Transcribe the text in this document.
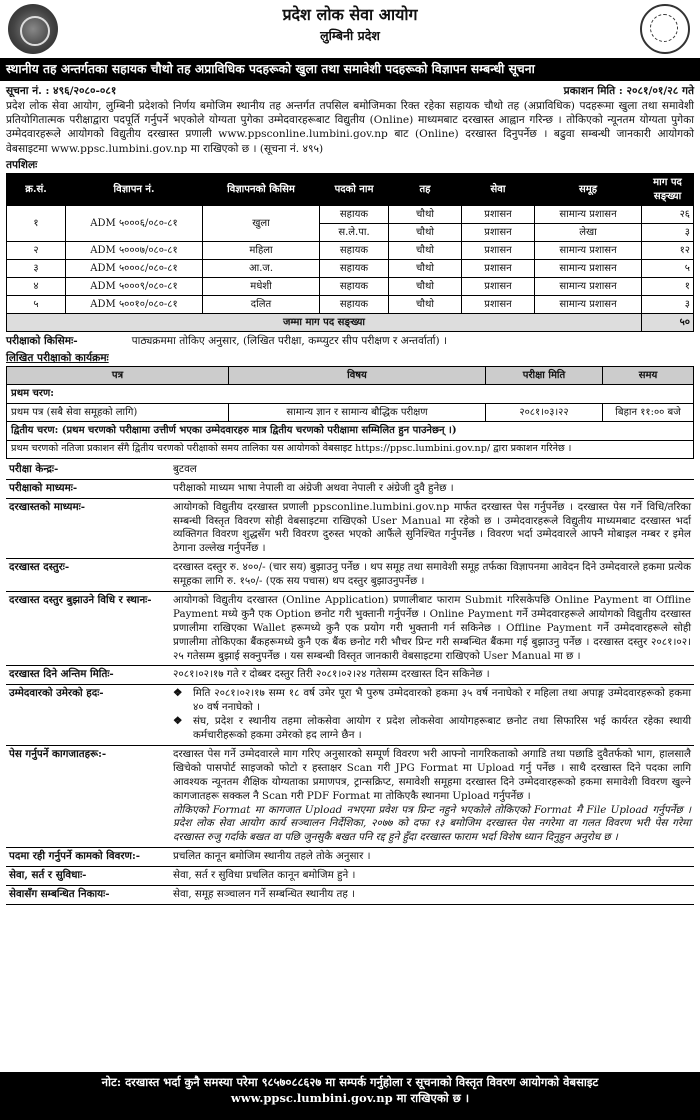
प्रदेश लोक सेवा आयोग
लुम्बिनी प्रदेश
स्थानीय तह अन्तर्गतका सहायक चौथो तह अप्राविधिक पदहरूको खुला तथा समावेशी पदहरूको विज्ञापन सम्बन्धी सूचना
सूचना नं. : ४९६/२०८०-०८१	प्रकाशन मिति : २०८१/०१/२८ गते
प्रदेश लोक सेवा आयोग, लुम्बिनी प्रदेशको निर्णय बमोजिम स्थानीय तह अन्तर्गत तपसिल बमोजिमका रिक्त रहेका सहायक चौथो तह (अप्राविधिक) पदहरूमा खुला तथा समावेशी प्रतियोगितात्मक परीक्षाद्वारा पदपूर्ति गर्नुपर्ने भएकोले योग्यता पुगेका उम्मेदवारहरूबाट विद्युतीय (Online) माध्यमबाट दरखास्त आह्वान गरिन्छ । तोकिएको न्यूनतम योग्यता पुगेका उम्मेदवारहरूले आयोगको विद्युतीय दरखास्त प्रणाली www.ppsconline.lumbini.gov.np बाट (Online) दरखास्त दिनुपर्नेछ । बढुवा सम्बन्धी जानकारी आयोगको वेबसाइटमा www.ppsc.lumbini.gov.np मा राखिएको छ । (सूचना नं. ४९५)
तपशिलः
क्र.सं.	विज्ञापन नं.	विज्ञापनको किसिम	पदको नाम	तह	सेवा	समूह	माग पद सङ्ख्या
१	ADM ५०००६/०८०-८१	खुला	सहायक	चौथो	प्रशासन	सामान्य प्रशासन	२६
			स.ले.पा.	चौथो	प्रशासन	लेखा	३
२	ADM ५०००७/०८०-८१	महिला	सहायक	चौथो	प्रशासन	सामान्य प्रशासन	१२
३	ADM ५०००८/०८०-८१	आ.ज.	सहायक	चौथो	प्रशासन	सामान्य प्रशासन	५
४	ADM ५०००९/०८०-८१	मधेशी	सहायक	चौथो	प्रशासन	सामान्य प्रशासन	१
५	ADM ५००१०/०८०-८१	दलित	सहायक	चौथो	प्रशासन	सामान्य प्रशासन	३
जम्मा माग पद सङ्ख्या							५०
परीक्षाको किसिमः-	पाठ्यक्रममा तोकिए अनुसार, (लिखित परीक्षा, कम्प्युटर सीप परीक्षण र अन्तर्वार्ता) ।
लिखित परीक्षाको कार्यक्रमः
पत्र	विषय	परीक्षा मिति	समय
प्रथम चरण:			
प्रथम पत्र (सबै सेवा समूहको लागि)	सामान्य ज्ञान र सामान्य बौद्धिक परीक्षण	२०८१।०३।२२	बिहान ११:०० बजे
द्वितीय चरण: (प्रथम चरणको परीक्षामा उत्तीर्ण भएका उम्मेदवारहरु मात्र द्वितीय चरणको परीक्षामा सम्मिलित हुन पाउनेछन् ।)			
प्रथम चरणको नतिजा प्रकाशन सँगै द्वितीय चरणको परीक्षाको समय तालिका यस आयोगको वेबसाइट https://ppsc.lumbini.gov.np/ द्वारा प्रकाशन गरिनेछ ।			
परीक्षा केन्द्रः-	बुटवल
परीक्षाको माध्यमः-	परीक्षाको माध्यम भाषा नेपाली वा अंग्रेजी अथवा नेपाली र अंग्रेजी दुवै हुनेछ ।
दरखास्तको माध्यमः-	आयोगको विद्युतीय दरखास्त प्रणाली ppsconline.lumbini.gov.np मार्फत दरखास्त पेस गर्नुपर्नेछ । दरखास्त पेस गर्ने विधि/तरिका सम्बन्धी विस्तृत विवरण सोही वेबसाइटमा राखिएको User Manual मा रहेको छ । उम्मेदवारहरूले विद्युतीय माध्यमबाट दरखास्त भर्दा व्यक्तिगत विवरण शुद्धसँग भरी विवरण दुरुस्त भएको आफैंले सुनिश्चित गर्नुपर्नेछ । विवरण भर्दा उम्मेदवारले आफ्नै मोबाइल नम्बर र इमेल ठेगाना उल्लेख गर्नुपर्नेछ ।
दरखास्त दस्तुरः-	दरखास्त दस्तुर रु. ४००/- (चार सय) बुझाउनु पर्नेछ । थप समूह तथा समावेशी समूह तर्फका विज्ञापनमा आवेदन दिने उम्मेदवारले हकमा प्रत्येक समूहका लागि रु. १५०/- (एक सय पचास) थप दस्तुर बुझाउनुपर्नेछ ।
दरखास्त दस्तुर बुझाउने विधि र स्थानः-	आयोगको विद्युतीय दरखास्त (Online Application) प्रणालीबाट फाराम Submit गरिसकेपछि Online Payment वा Offline Payment मध्ये कुनै एक Option छनोट गरी भुक्तानी गर्नुपर्नेछ । Online Payment गर्ने उम्मेदवारहरूले आयोगको विद्युतीय दरखास्त प्रणालीमा राखिएका Wallet हरूमध्ये कुनै एक प्रयोग गरी भुक्तानी गर्न सकिनेछ । Offline Payment गर्ने उम्मेदवारहरूले सोही प्रणालीमा तोकिएका बैंकहरूमध्ये कुनै एक बैंक छनोट गरी भौचर प्रिन्ट गरी सम्बन्धित बैंकमा गई बुझाउनु पर्नेछ । दरखास्त दस्तुर २०८१।०२।२५ गतेसम्म बुझाई सक्नुपर्नेछ । यस सम्बन्धी विस्तृत जानकारी वेबसाइटमा राखिएको User Manual मा छ ।
दरखास्त दिने अन्तिम मितिः-	२०८१।०२।१७ गते र दोब्बर दस्तुर तिरी २०८१।०२।२४ गतेसम्म दरखास्त दिन सकिनेछ ।
उम्मेदवारको उमेरको हदः-	❖ मिति २०८१।०२।१७ सम्म १८ वर्ष उमेर पूरा भै पुरुष उम्मेदवारको हकमा ३५ वर्ष ननाघेको र महिला तथा अपाङ्ग उम्मेदवारहरूको हकमा ४० वर्ष ननाघेको ।
❖ संघ, प्रदेश र स्थानीय तहमा लोकसेवा आयोग र प्रदेश लोकसेवा आयोगहरूबाट छनोट तथा सिफारिस भई कार्यरत रहेका स्थायी कर्मचारीहरूको हकमा उमेरको हद लाग्ने छैन ।

पेस गर्नुपर्ने कागजातहरू:-	दरखास्त पेस गर्ने उम्मेदवारले माग गरिए अनुसारको सम्पूर्ण विवरण भरी आफ्नो नागरिकताको अगाडि तथा पछाडि दुवैतर्फको भाग, हालसालै खिचेको पासपोर्ट साइजको फोटो र हस्ताक्षर Scan गरी JPG Format मा Upload गर्नु पर्नेछ । साथै दरखास्त दिने पदका लागि आवश्यक न्यूनतम शैक्षिक योग्यताका प्रमाणपत्र, ट्रान्सक्रिप्ट, समावेशी समूहमा दरखास्त दिने उम्मेदवारहरूको हकमा समावेशी विवरण खुल्ने कागजातहरू सक्कल नै Scan गरी PDF Format मा तोकिएकै स्थानमा Upload गर्नुपर्नेछ ।
तोकिएको Format मा कागजात Upload नभएमा प्रवेश पत्र प्रिन्ट नहुने भएकोले तोकिएको Format मै File Upload गर्नुपर्नेछ । प्रदेश लोक सेवा आयोग कार्य सञ्चालन निर्देशिका, २०७७ को दफा १३ बमोजिम दरखास्त पेस नगरेमा वा गलत विवरण भरी पेस गरेमा दरखास्त रुजु गर्दाके बखत वा पछि जुनसुकै बखत पनि रद्द हुने हुँदा दरखास्त फाराम भर्दा विशेष ध्यान दिनुहुन अनुरोध छ ।

पदमा रही गर्नुपर्ने कामको विवरण:-	प्रचलित कानून बमोजिम स्थानीय तहले तोके अनुसार ।
सेवा, सर्त र सुविधाः-	सेवा, सर्त र सुविधा प्रचलित कानून बमोजिम हुने ।
सेवासँग सम्बन्धित निकायः-	सेवा, समूह सञ्चालन गर्ने सम्बन्धित स्थानीय तह ।
नोट: दरखास्त भर्दा कुनै समस्या परेमा ९८५७०८८६२७ मा सम्पर्क गर्नुहोला र सूचनाको विस्तृत विवरण आयोगको वेबसाइट
www.ppsc.lumbini.gov.np मा राखिएको छ ।
